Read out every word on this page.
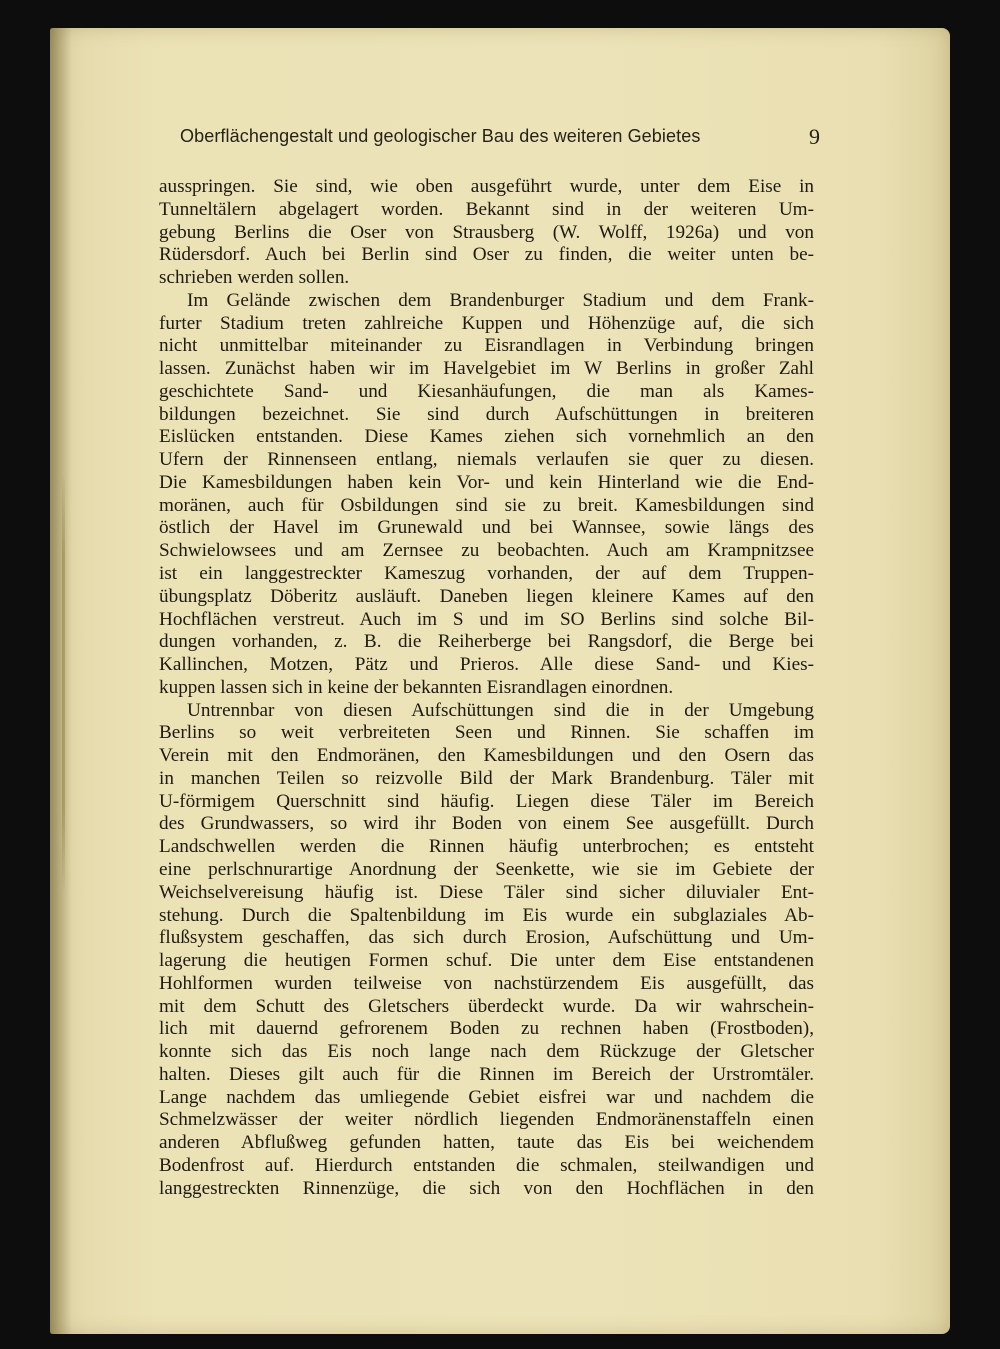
Oberflächengestalt und geologischer Bau des weiteren Gebietes	9
ausspringen. Sie sind, wie oben ausgeführt wurde, unter dem Eise in
Tunneltälern abgelagert worden. Bekannt sind in der weiteren Um-
gebung Berlins die Oser von Strausberg (W. Wolff, 1926a) und von
Rüdersdorf. Auch bei Berlin sind Oser zu finden, die weiter unten be-
schrieben werden sollen.
Im Gelände zwischen dem Brandenburger Stadium und dem Frank-
furter Stadium treten zahlreiche Kuppen und Höhenzüge auf, die sich
nicht unmittelbar miteinander zu Eisrandlagen in Verbindung bringen
lassen. Zunächst haben wir im Havelgebiet im W Berlins in großer Zahl
geschichtete Sand- und Kiesanhäufungen, die man als Kames-
bildungen bezeichnet. Sie sind durch Aufschüttungen in breiteren
Eislücken entstanden. Diese Kames ziehen sich vornehmlich an den
Ufern der Rinnenseen entlang, niemals verlaufen sie quer zu diesen.
Die Kamesbildungen haben kein Vor- und kein Hinterland wie die End-
moränen, auch für Osbildungen sind sie zu breit. Kamesbildungen sind
östlich der Havel im Grunewald und bei Wannsee, sowie längs des
Schwielowsees und am Zernsee zu beobachten. Auch am Krampnitzsee
ist ein langgestreckter Kameszug vorhanden, der auf dem Truppen-
übungsplatz Döberitz ausläuft. Daneben liegen kleinere Kames auf den
Hochflächen verstreut. Auch im S und im SO Berlins sind solche Bil-
dungen vorhanden, z. B. die Reiherberge bei Rangsdorf, die Berge bei
Kallinchen, Motzen, Pätz und Prieros. Alle diese Sand- und Kies-
kuppen lassen sich in keine der bekannten Eisrandlagen einordnen.
Untrennbar von diesen Aufschüttungen sind die in der Umgebung
Berlins so weit verbreiteten Seen und Rinnen. Sie schaffen im
Verein mit den Endmoränen, den Kamesbildungen und den Osern das
in manchen Teilen so reizvolle Bild der Mark Brandenburg. Täler mit
U-förmigem Querschnitt sind häufig. Liegen diese Täler im Bereich
des Grundwassers, so wird ihr Boden von einem See ausgefüllt. Durch
Landschwellen werden die Rinnen häufig unterbrochen; es entsteht
eine perlschnurartige Anordnung der Seenkette, wie sie im Gebiete der
Weichselvereisung häufig ist. Diese Täler sind sicher diluvialer Ent-
stehung. Durch die Spaltenbildung im Eis wurde ein subglaziales Ab-
flußsystem geschaffen, das sich durch Erosion, Aufschüttung und Um-
lagerung die heutigen Formen schuf. Die unter dem Eise entstandenen
Hohlformen wurden teilweise von nachstürzendem Eis ausgefüllt, das
mit dem Schutt des Gletschers überdeckt wurde. Da wir wahrschein-
lich mit dauernd gefrorenem Boden zu rechnen haben (Frostboden),
konnte sich das Eis noch lange nach dem Rückzuge der Gletscher
halten. Dieses gilt auch für die Rinnen im Bereich der Urstromtäler.
Lange nachdem das umliegende Gebiet eisfrei war und nachdem die
Schmelzwässer der weiter nördlich liegenden Endmoränenstaffeln einen
anderen Abflußweg gefunden hatten, taute das Eis bei weichendem
Bodenfrost auf. Hierdurch entstanden die schmalen, steilwandigen und
langgestreckten Rinnenzüge, die sich von den Hochflächen in den
